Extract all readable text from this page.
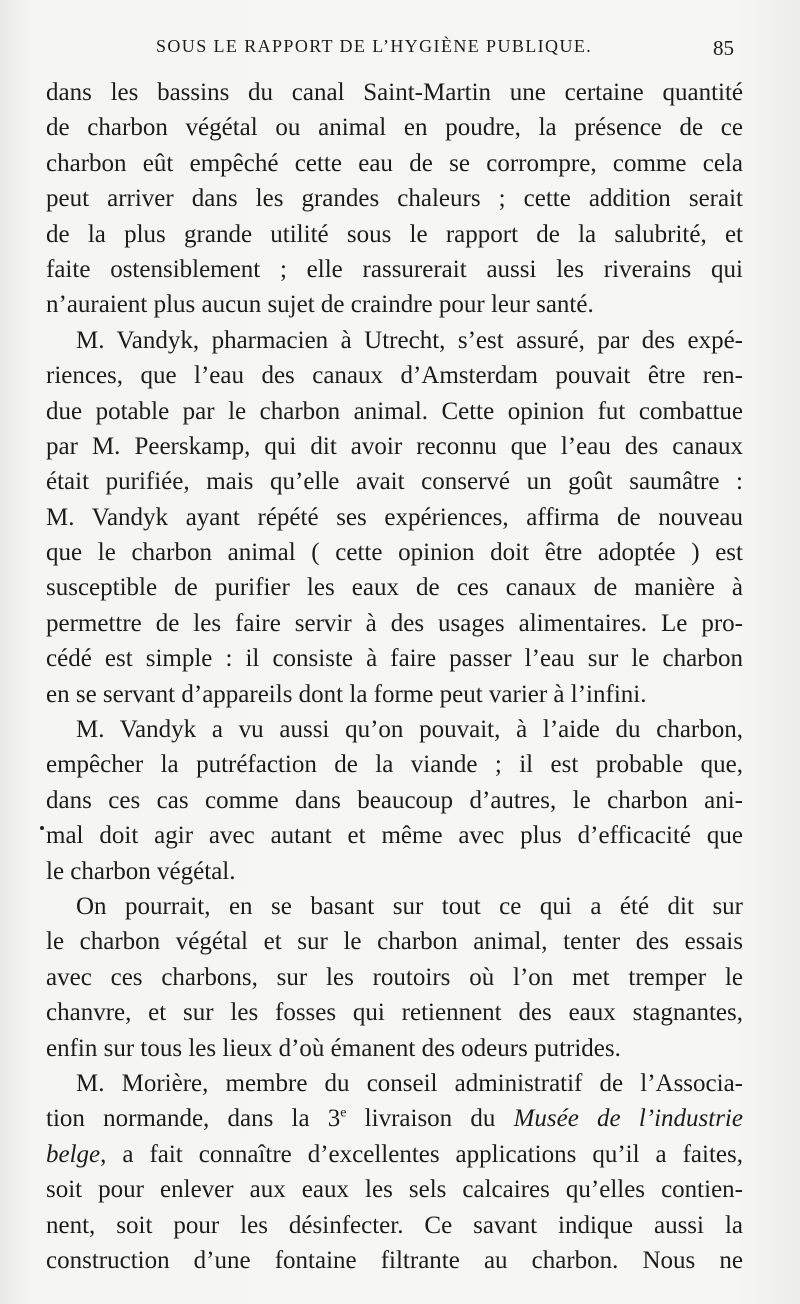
SOUS LE RAPPORT DE L’HYGIÈNE PUBLIQUE.	85
dans les bassins du canal Saint-Martin une certaine quantité
de charbon végétal ou animal en poudre, la présence de ce
charbon eût empêché cette eau de se corrompre, comme cela
peut arriver dans les grandes chaleurs ; cette addition serait
de la plus grande utilité sous le rapport de la salubrité, et
faite ostensiblement ; elle rassurerait aussi les riverains qui
n’auraient plus aucun sujet de craindre pour leur santé.
M. Vandyk, pharmacien à Utrecht, s’est assuré, par des expé-
riences, que l’eau des canaux d’Amsterdam pouvait être ren-
due potable par le charbon animal. Cette opinion fut combattue
par M. Peerskamp, qui dit avoir reconnu que l’eau des canaux
était purifiée, mais qu’elle avait conservé un goût saumâtre :
M. Vandyk ayant répété ses expériences, affirma de nouveau
que le charbon animal ( cette opinion doit être adoptée ) est
susceptible de purifier les eaux de ces canaux de manière à
permettre de les faire servir à des usages alimentaires. Le pro-
cédé est simple : il consiste à faire passer l’eau sur le charbon
en se servant d’appareils dont la forme peut varier à l’infini.
M. Vandyk a vu aussi qu’on pouvait, à l’aide du charbon,
empêcher la putréfaction de la viande ; il est probable que,
dans ces cas comme dans beaucoup d’autres, le charbon ani-
mal doit agir avec autant et même avec plus d’efficacité que
le charbon végétal.
On pourrait, en se basant sur tout ce qui a été dit sur
le charbon végétal et sur le charbon animal, tenter des essais
avec ces charbons, sur les routoirs où l’on met tremper le
chanvre, et sur les fosses qui retiennent des eaux stagnantes,
enfin sur tous les lieux d’où émanent des odeurs putrides.
M. Morière, membre du conseil administratif de l’Associa-
tion normande, dans la 3e livraison du Musée de l’industrie
belge, a fait connaître d’excellentes applications qu’il a faites,
soit pour enlever aux eaux les sels calcaires qu’elles contien-
nent, soit pour les désinfecter. Ce savant indique aussi la
construction d’une fontaine filtrante au charbon. Nous ne
